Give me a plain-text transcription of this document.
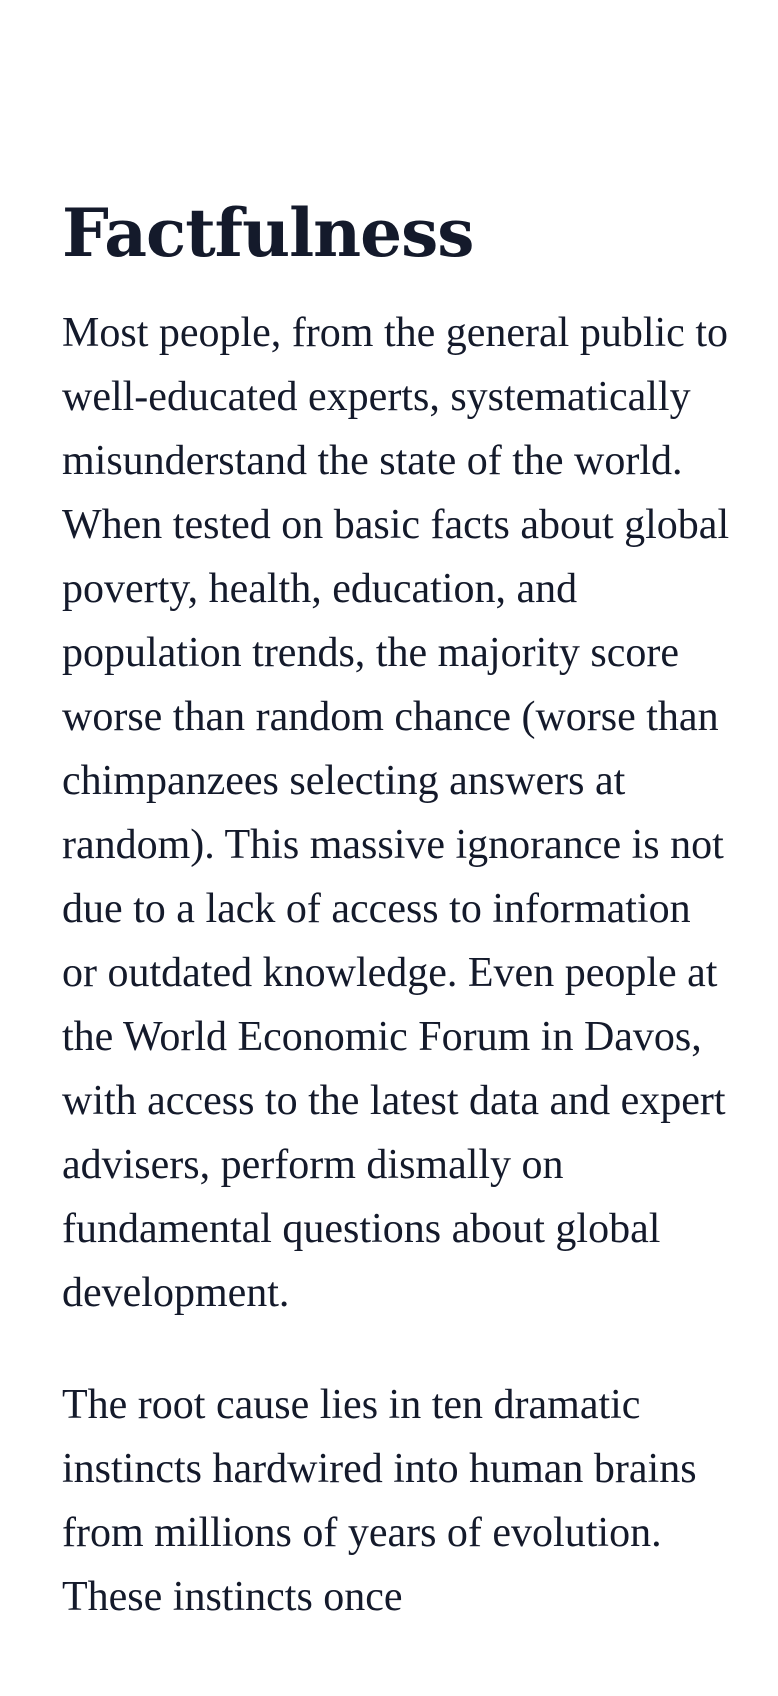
Factfulness

Most people, from the general public to well-educated experts, systematically misunderstand the state of the world. When tested on basic facts about global poverty, health, education, and population trends, the majority score worse than random chance (worse than chimpanzees selecting answers at random). This massive ignorance is not due to a lack of access to information or outdated knowledge. Even people at the World Economic Forum in Davos, with access to the latest data and expert advisers, perform dismally on fundamental questions about global development.

The root cause lies in ten dramatic instincts hardwired into human brains from millions of years of evolution. These instincts once
